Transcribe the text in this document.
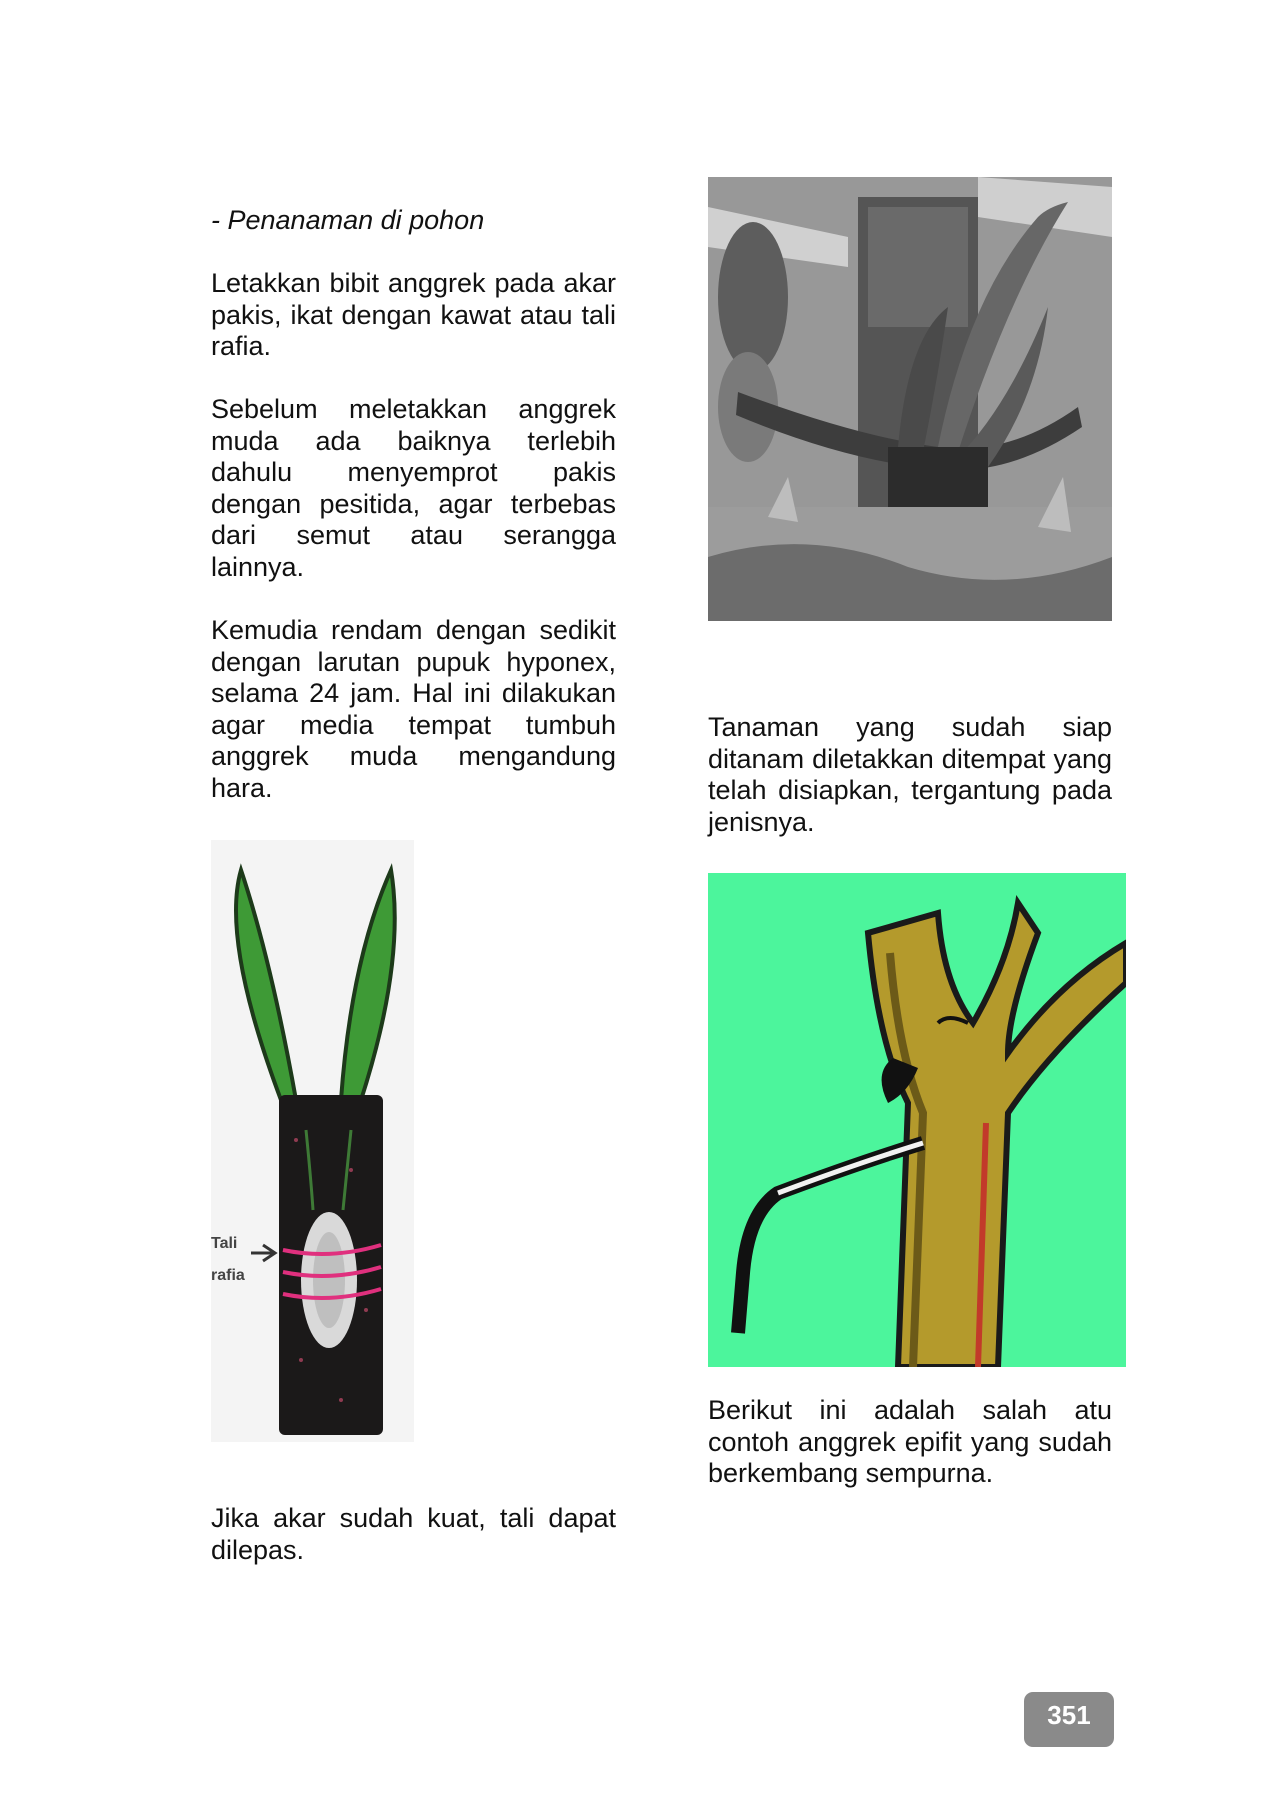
- Penanaman di pohon

Letakkan bibit anggrek pada akar pakis, ikat dengan kawat atau tali rafia.

Sebelum meletakkan anggrek muda ada baiknya terlebih dahulu menyemprot pakis dengan pesitida, agar terbebas dari semut atau serangga lainnya.

Kemudia rendam dengan sedikit dengan larutan pupuk hyponex, selama 24 jam. Hal ini dilakukan agar media tempat tumbuh anggrek muda mengandung hara.

Tanaman yang sudah siap ditanam diletakkan ditempat yang telah disiapkan, tergantung pada jenisnya.

Tali
rafia
Jika akar sudah kuat, tali dapat dilepas.

Berikut ini adalah salah atu contoh anggrek epifit yang sudah berkembang sempurna.

351
